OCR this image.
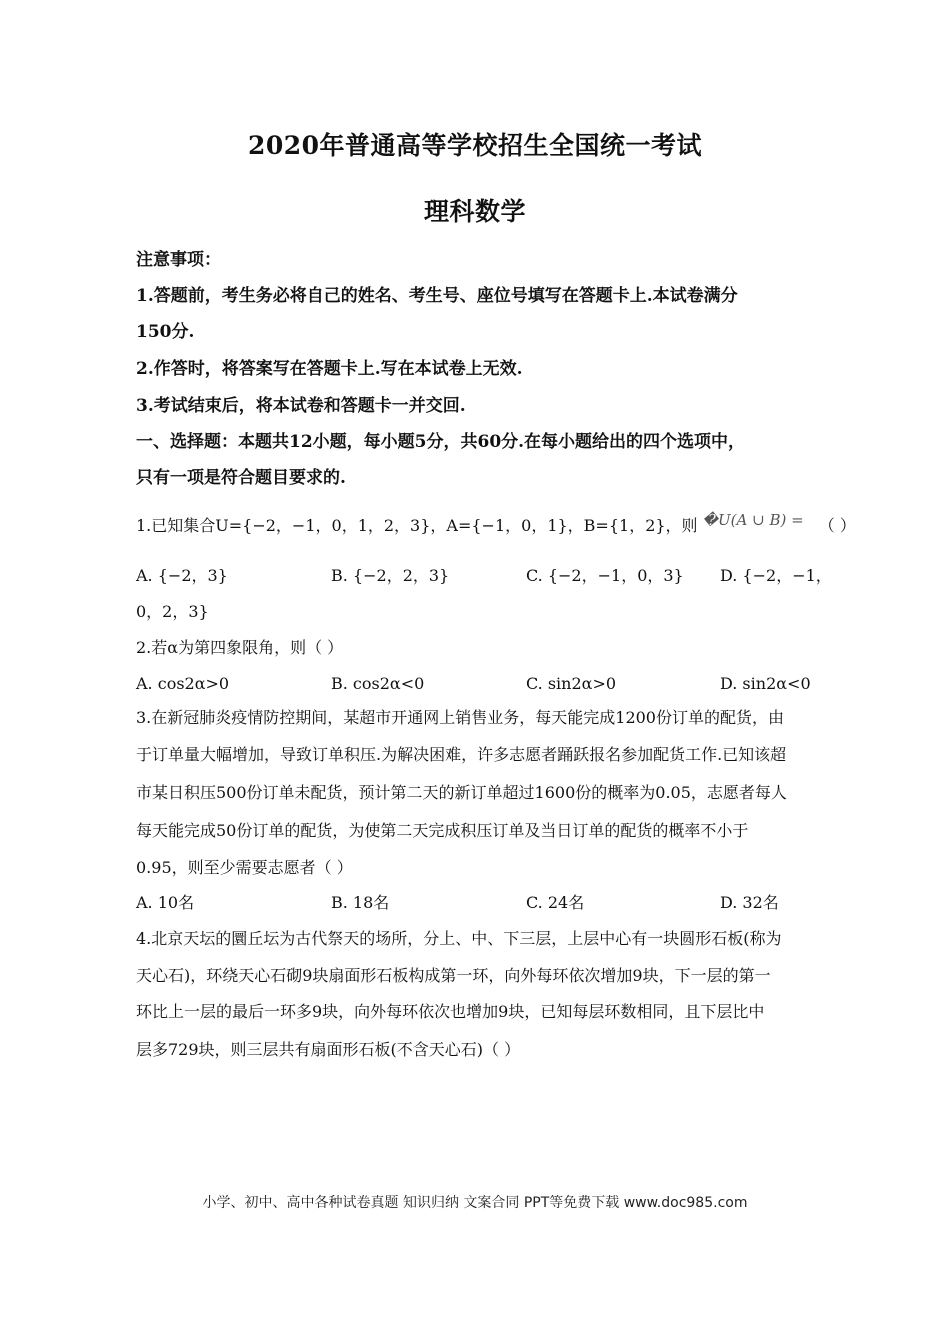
2020年普通高等学校招生全国统一考试
理科数学
注意事项：
1.答题前，考生务必将自己的姓名、考生号、座位号填写在答题卡上.本试卷满分
150分.
2.作答时，将答案写在答题卡上.写在本试卷上无效.
3.考试结束后，将本试卷和答题卡一并交回.
一、选择题：本题共12小题，每小题5分，共60分.在每小题给出的四个选项中，
只有一项是符合题目要求的.
1.已知集合U={−2，−1，0，1，2，3}，A={−1，0，1}，B={1，2}，则 �U(A ∪ B) = （ ）
A. {−2，3}	B. {−2，2，3}	C. {−2，−1，0，3} D. {−2，−1，
0，2，3}
2.若α为第四象限角，则（ ）
A. cos2α>0	B. cos2α<0	C. sin2α>0	D. sin2α<0
3.在新冠肺炎疫情防控期间，某超市开通网上销售业务，每天能完成1200份订单的配货，由
于订单量大幅增加，导致订单积压.为解决困难，许多志愿者踊跃报名参加配货工作.已知该超
市某日积压500份订单未配货，预计第二天的新订单超过1600份的概率为0.05，志愿者每人
每天能完成50份订单的配货，为使第二天完成积压订单及当日订单的配货的概率不小于
0.95，则至少需要志愿者（ ）
A. 10名	B. 18名	C. 24名	D. 32名
4.北京天坛的圜丘坛为古代祭天的场所，分上、中、下三层，上层中心有一块圆形石板(称为
天心石)，环绕天心石砌9块扇面形石板构成第一环，向外每环依次增加9块，下一层的第一
环比上一层的最后一环多9块，向外每环依次也增加9块，已知每层环数相同，且下层比中
层多729块，则三层共有扇面形石板(不含天心石)（ ）
小学、初中、高中各种试卷真题 知识归纳 文案合同 PPT等免费下载 www.doc985.com
